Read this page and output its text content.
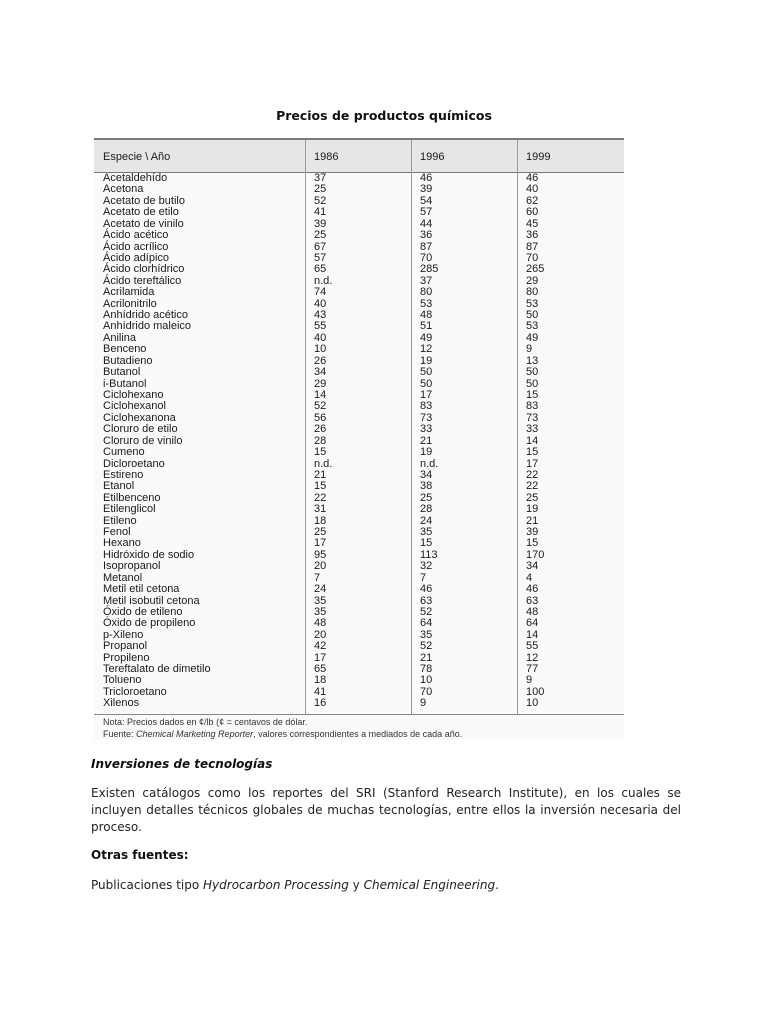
Precios de productos químicos
Especie \ Año	1986	1996	1999
Acetaldehído	37	46	46
Acetona	25	39	40
Acetato de butilo	52	54	62
Acetato de etilo	41	57	60
Acetato de vinilo	39	44	45
Ácido acético	25	36	36
Ácido acrílico	67	87	87
Ácido adípico	57	70	70
Ácido clorhídrico	65	285	265
Ácido tereftálico	n.d.	37	29
Acrilamida	74	80	80
Acrilonitrilo	40	53	53
Anhídrido acético	43	48	50
Anhídrido maleico	55	51	53
Anilina	40	49	49
Benceno	10	12	9
Butadieno	26	19	13
Butanol	34	50	50
i-Butanol	29	50	50
Ciclohexano	14	17	15
Ciclohexanol	52	83	83
Ciclohexanona	56	73	73
Cloruro de etilo	26	33	33
Cloruro de vinilo	28	21	14
Cumeno	15	19	15
Dicloroetano	n.d.	n.d.	17
Estireno	21	34	22
Etanol	15	38	22
Etilbenceno	22	25	25
Etilenglicol	31	28	19
Etileno	18	24	21
Fenol	25	35	39
Hexano	17	15	15
Hidróxido de sodio	95	113	170
Isopropanol	20	32	34
Metanol	7	7	4
Metil etil cetona	24	46	46
Metil isobutil cetona	35	63	63
Óxido de etileno	35	52	48
Óxido de propileno	48	64	64
p-Xileno	20	35	14
Propanol	42	52	55
Propileno	17	21	12
Tereftalato de dimetilo	65	78	77
Tolueno	18	10	9
Tricloroetano	41	70	100
Xilenos	16	9	10
Nota: Precios dados en ¢/lb (¢ = centavos de dólar.
Fuente: Chemical Marketing Reporter, valores correspondientes a mediados de cada año.
Inversiones de tecnologías
Existen catálogos como los reportes del SRI (Stanford Research Institute), en los cuales se incluyen detalles técnicos globales de muchas tecnologías, entre ellos la inversión necesaria del proceso.
Otras fuentes:
Publicaciones tipo Hydrocarbon Processing y Chemical Engineering.
